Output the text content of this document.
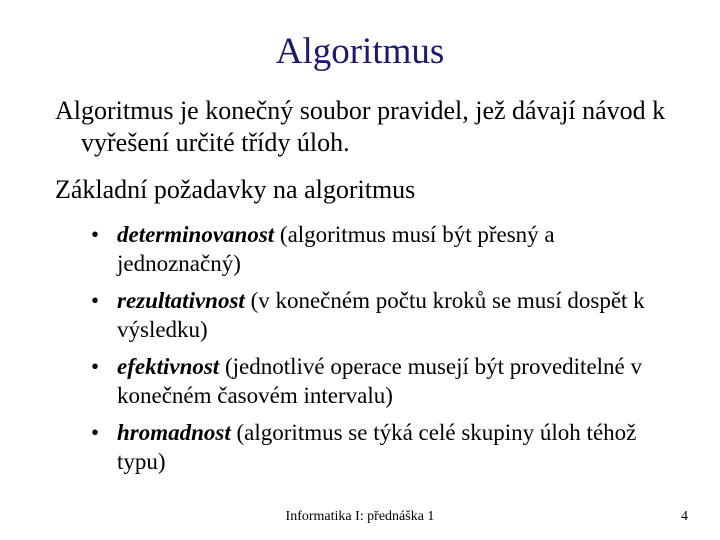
Algoritmus
Algoritmus je konečný soubor pravidel, jež dávají návod k vyřešení určité třídy úloh.
Základní požadavky na algoritmus
• determinovanost (algoritmus musí být přesný a jednoznačný)
• rezultativnost (v konečném počtu kroků se musí dospět k výsledku)
• efektivnost (jednotlivé operace musejí být proveditelné v konečném časovém intervalu)
• hromadnost (algoritmus se týká celé skupiny úloh téhož typu)
Informatika I: přednáška 1	4
